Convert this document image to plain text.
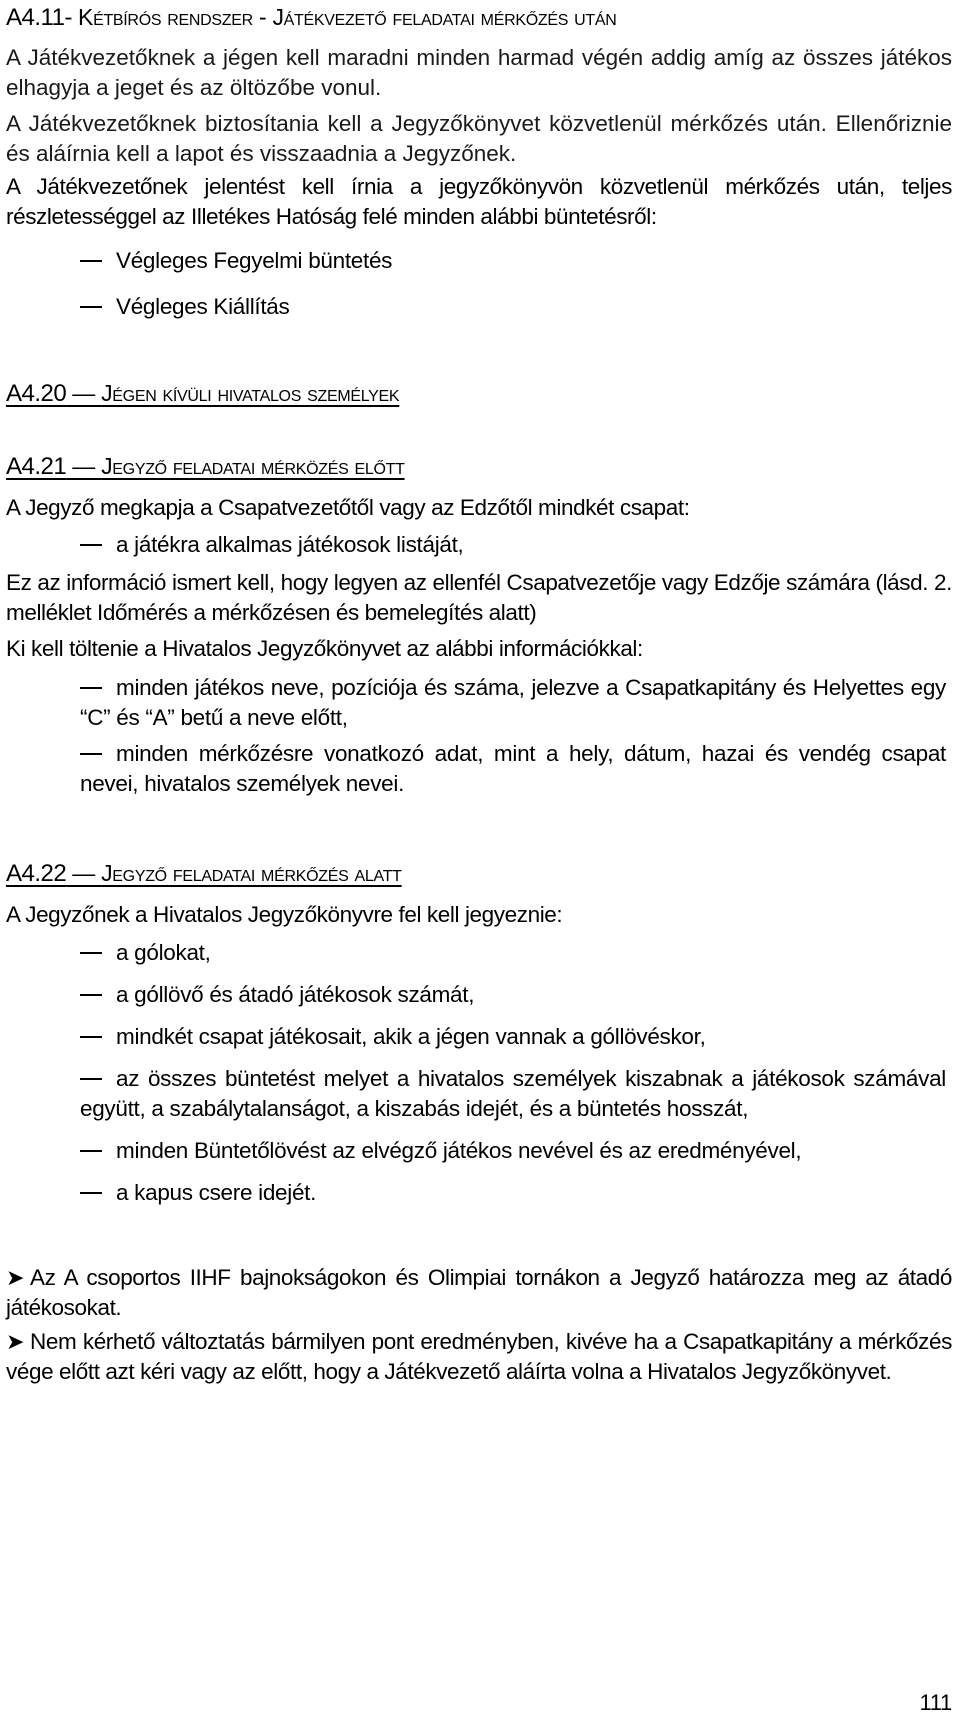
A4.11- Kétbírós rendszer - Játékvezető feladatai mérkőzés után

A Játékvezetőknek a jégen kell maradni minden harmad végén addig amíg az összes játékos elhagyja a jeget és az öltözőbe vonul.

A Játékvezetőknek biztosítania kell a Jegyzőkönyvet közvetlenül mérkőzés után. Ellenőriznie és aláírnia kell a lapot és visszaadnia a Jegyzőnek.

A Játékvezetőnek jelentést kell írnia a jegyzőkönyvön közvetlenül mérkőzés után, teljes részletességgel az Illetékes Hatóság felé minden alábbi büntetésről:

Végleges Fegyelmi büntetés

Végleges Kiállítás

A4.20 — Jégen kívüli hivatalos személyek

A4.21 — Jegyző feladatai mérközés előtt

A Jegyző megkapja a Csapatvezetőtől vagy az Edzőtől mindkét csapat:

a játékra alkalmas játékosok listáját,

Ez az információ ismert kell, hogy legyen az ellenfél Csapatvezetője vagy Edzője számára (lásd. 2. melléklet Időmérés a mérkőzésen és bemelegítés alatt)

Ki kell töltenie a Hivatalos Jegyzőkönyvet az alábbi információkkal:

minden játékos neve, pozíciója és száma, jelezve a Csapatkapitány és Helyettes egy “C” és “A” betű a neve előtt,

minden mérkőzésre vonatkozó adat, mint a hely, dátum, hazai és vendég csapat nevei, hivatalos személyek nevei.

A4.22 — Jegyző feladatai mérkőzés alatt

A Jegyzőnek a Hivatalos Jegyzőkönyvre fel kell jegyeznie:

a gólokat,

a góllövő és átadó játékosok számát,

mindkét csapat játékosait, akik a jégen vannak a góllövéskor,

az összes büntetést melyet a hivatalos személyek kiszabnak a játékosok számával együtt, a szabálytalanságot, a kiszabás idejét, és a büntetés hosszát,

minden Büntetőlövést az elvégző játékos nevével és az eredményével,

a kapus csere idejét.

➤ Az A csoportos IIHF bajnokságokon és Olimpiai tornákon a Jegyző határozza meg az átadó játékosokat.

➤ Nem kérhető változtatás bármilyen pont eredményben, kivéve ha a Csapatkapitány a mérkőzés vége előtt azt kéri vagy az előtt, hogy a Játékvezető aláírta volna a Hivatalos Jegyzőkönyvet.

111
